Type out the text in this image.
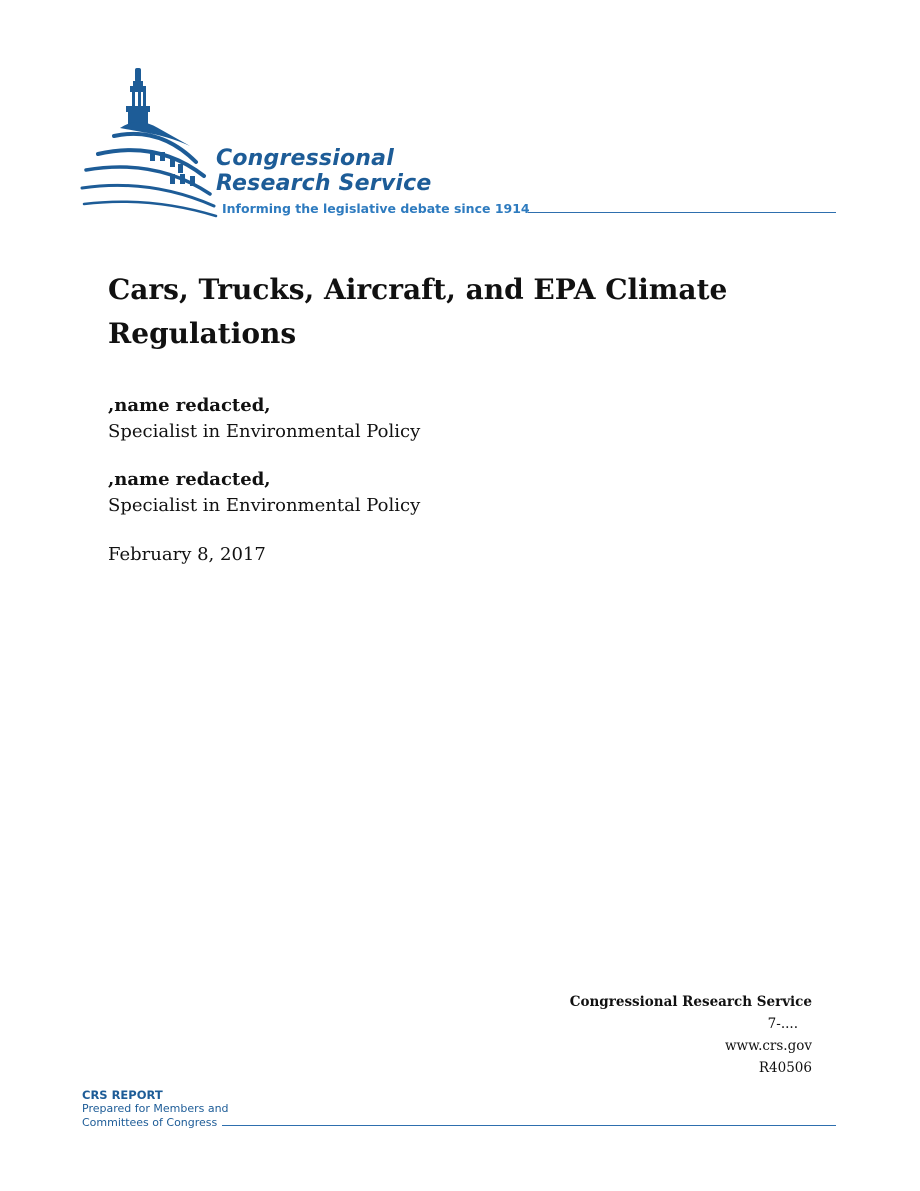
Congressional
Research Service
Informing the legislative debate since 1914
Cars, Trucks, Aircraft, and EPA Climate Regulations
,name redacted,
Specialist in Environmental Policy
,name redacted,
Specialist in Environmental Policy
February 8, 2017
Congressional Research Service
7-....
www.crs.gov
R40506
CRS REPORT
Prepared for Members and
Committees of Congress
